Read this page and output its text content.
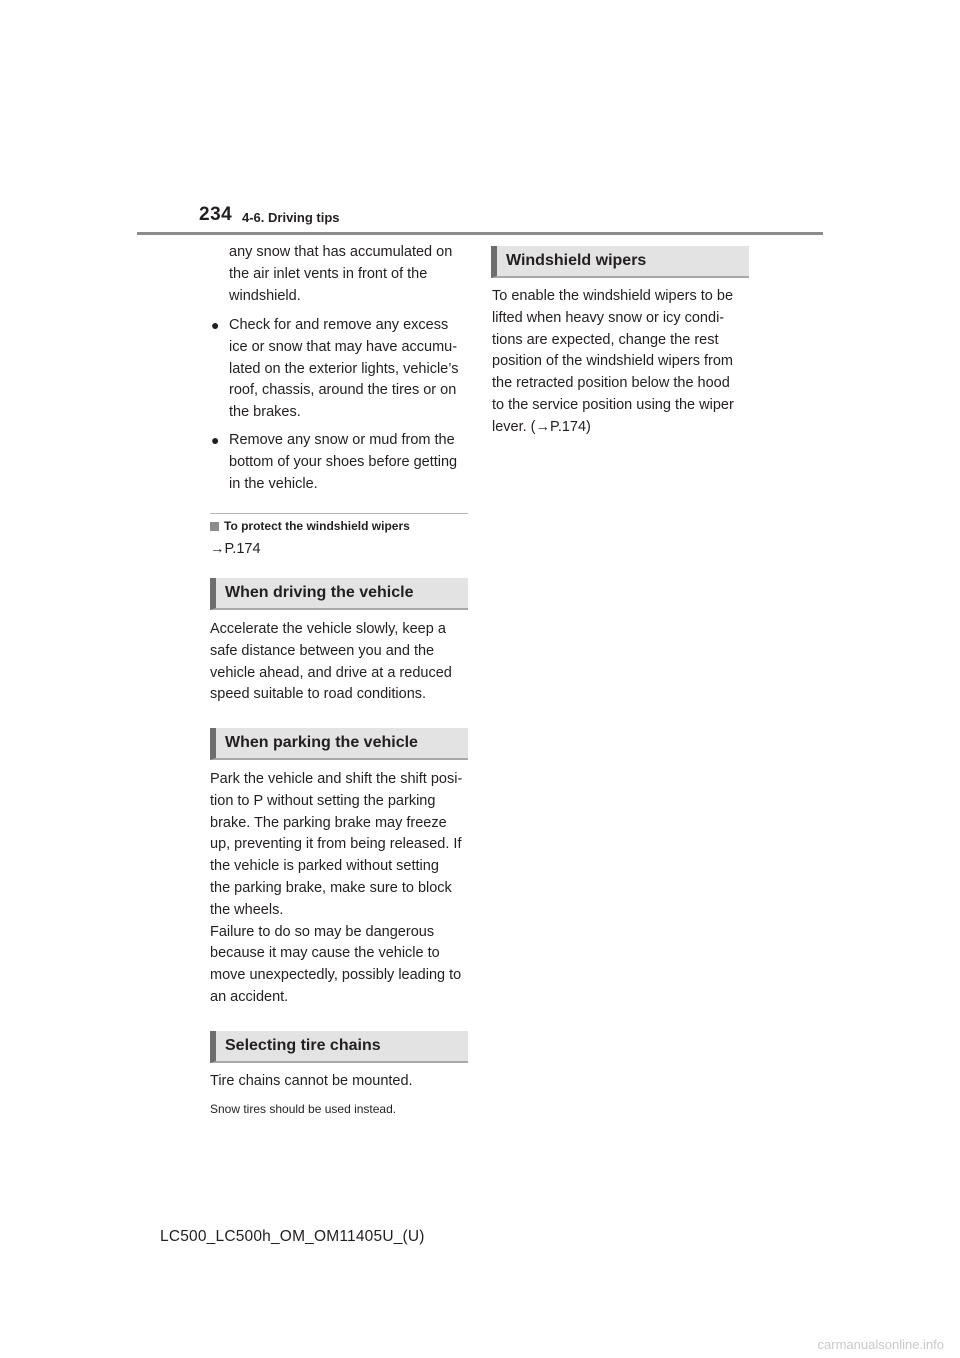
234 4-6. Driving tips
any snow that has accumulated on
the air inlet vents in front of the
windshield.
● Check for and remove any excess
ice or snow that may have accumu-
lated on the exterior lights, vehicle’s
roof, chassis, around the tires or on
the brakes.
● Remove any snow or mud from the
bottom of your shoes before getting
in the vehicle.
To protect the windshield wipers
→P.174
When driving the vehicle
Accelerate the vehicle slowly, keep a
safe distance between you and the
vehicle ahead, and drive at a reduced
speed suitable to road conditions.
When parking the vehicle
Park the vehicle and shift the shift posi-
tion to P without setting the parking
brake. The parking brake may freeze
up, preventing it from being released. If
the vehicle is parked without setting
the parking brake, make sure to block
the wheels.
Failure to do so may be dangerous
because it may cause the vehicle to
move unexpectedly, possibly leading to
an accident.
Selecting tire chains
Tire chains cannot be mounted.
Snow tires should be used instead.
Windshield wipers
To enable the windshield wipers to be
lifted when heavy snow or icy condi-
tions are expected, change the rest
position of the windshield wipers from
the retracted position below the hood
to the service position using the wiper
lever. (→P.174)
LC500_LC500h_OM_OM11405U_(U)
carmanualsonline.info
